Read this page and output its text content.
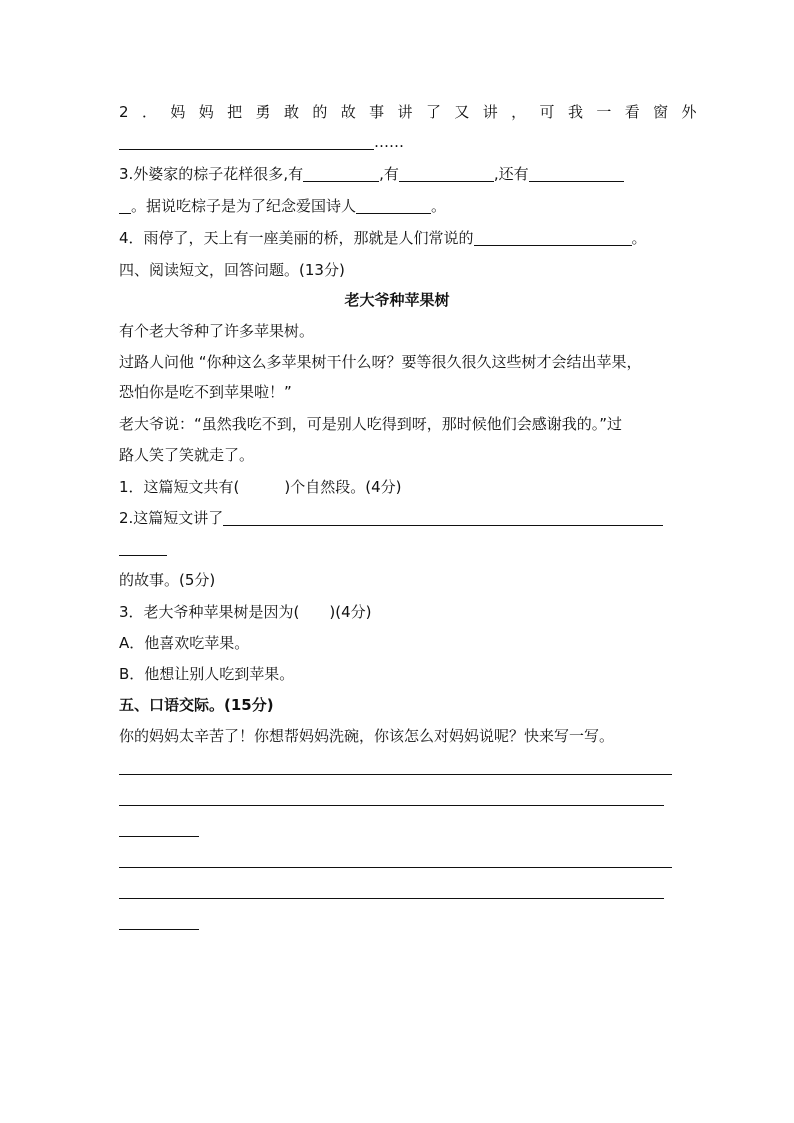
2．妈妈把勇敢的故事讲了又讲，可我一看窗外
……
3.外婆家的棕子花样很多,有	,有	,还有
。据说吃棕子是为了纪念爱国诗人	。
4．雨停了，天上有一座美丽的桥，那就是人们常说的	。
四、阅读短文，回答问题。(13分)
老大爷种苹果树
有个老大爷种了许多苹果树。
过路人问他 “你种这么多苹果树干什么呀？要等很久很久这些树才会结出苹果，
恐怕你是吃不到苹果啦！”
老大爷说：“虽然我吃不到，可是别人吃得到呀，那时候他们会感谢我的。”过
路人笑了笑就走了。
1．这篇短文共有(　　　)个自然段。(4分)
2.这篇短文讲了
的故事。(5分)
3．老大爷种苹果树是因为(　　)(4分)
A．他喜欢吃苹果。
B．他想让别人吃到苹果。
五、口语交际。(15分)
你的妈妈太辛苦了！你想帮妈妈洗碗，你该怎么对妈妈说呢？快来写一写。
